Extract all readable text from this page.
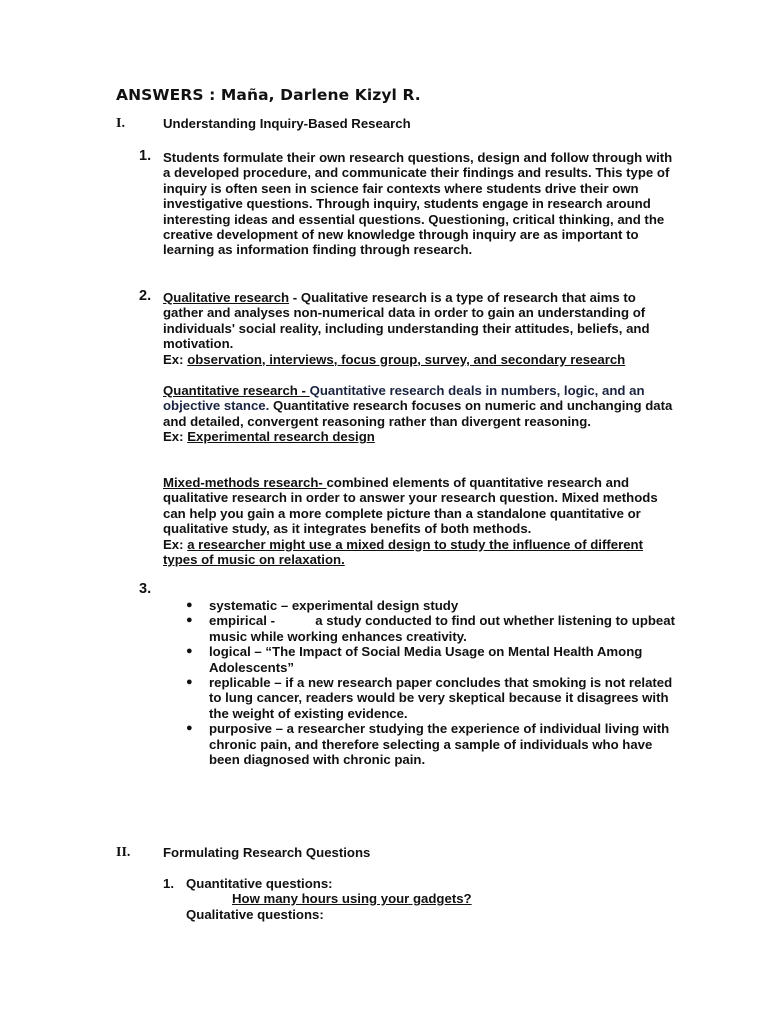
ANSWERS : Maña, Darlene Kizyl R.
I.	Understanding Inquiry-Based Research
1. Students formulate their own research questions, design and follow through with a developed procedure, and communicate their findings and results. This type of inquiry is often seen in science fair contexts where students drive their own investigative questions. Through inquiry, students engage in research around interesting ideas and essential questions. Questioning, critical thinking, and the creative development of new knowledge through inquiry are as important to learning as information finding through research.
2. Qualitative research - Qualitative research is a type of research that aims to gather and analyses non-numerical data in order to gain an understanding of individuals' social reality, including understanding their attitudes, beliefs, and motivation.
Ex: observation, interviews, focus group, survey, and secondary research
Quantitative research - Quantitative research deals in numbers, logic, and an objective stance. Quantitative research focuses on numeric and unchanging data and detailed, convergent reasoning rather than divergent reasoning.
Ex: Experimental research design
Mixed-methods research- combined elements of quantitative research and qualitative research in order to answer your research question. Mixed methods can help you gain a more complete picture than a standalone quantitative or qualitative study, as it integrates benefits of both methods.
Ex: a researcher might use a mixed design to study the influence of different types of music on relaxation.
3.
● systematic – experimental design study
● empirical -           a study conducted to find out whether listening to upbeat music while working enhances creativity.
● logical – “The Impact of Social Media Usage on Mental Health Among Adolescents”
● replicable – if a new research paper concludes that smoking is not related to lung cancer, readers would be very skeptical because it disagrees with the weight of existing evidence.
● purposive – a researcher studying the experience of individual living with chronic pain, and therefore selecting a sample of individuals who have been diagnosed with chronic pain.
II. Formulating Research Questions
1. Quantitative questions:
How many hours using your gadgets?
Qualitative questions:
